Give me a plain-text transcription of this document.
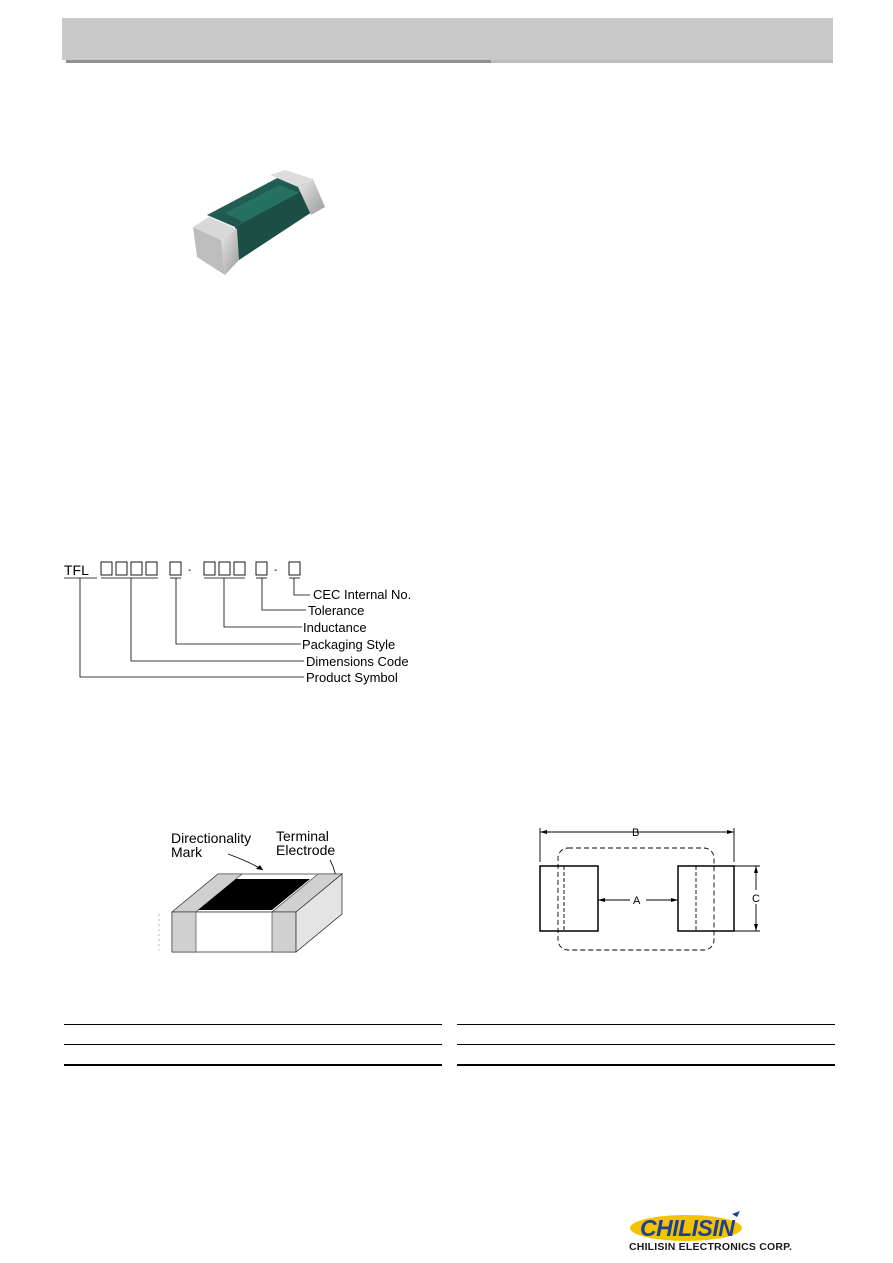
TFL	-	-
CEC Internal No.
Tolerance
Inductance
Packaging Style
Dimensions Code
Product Symbol
Directionality
Mark
Terminal
Electrode
B
A	C
CHILISIN
CHILISIN ELECTRONICS CORP.
